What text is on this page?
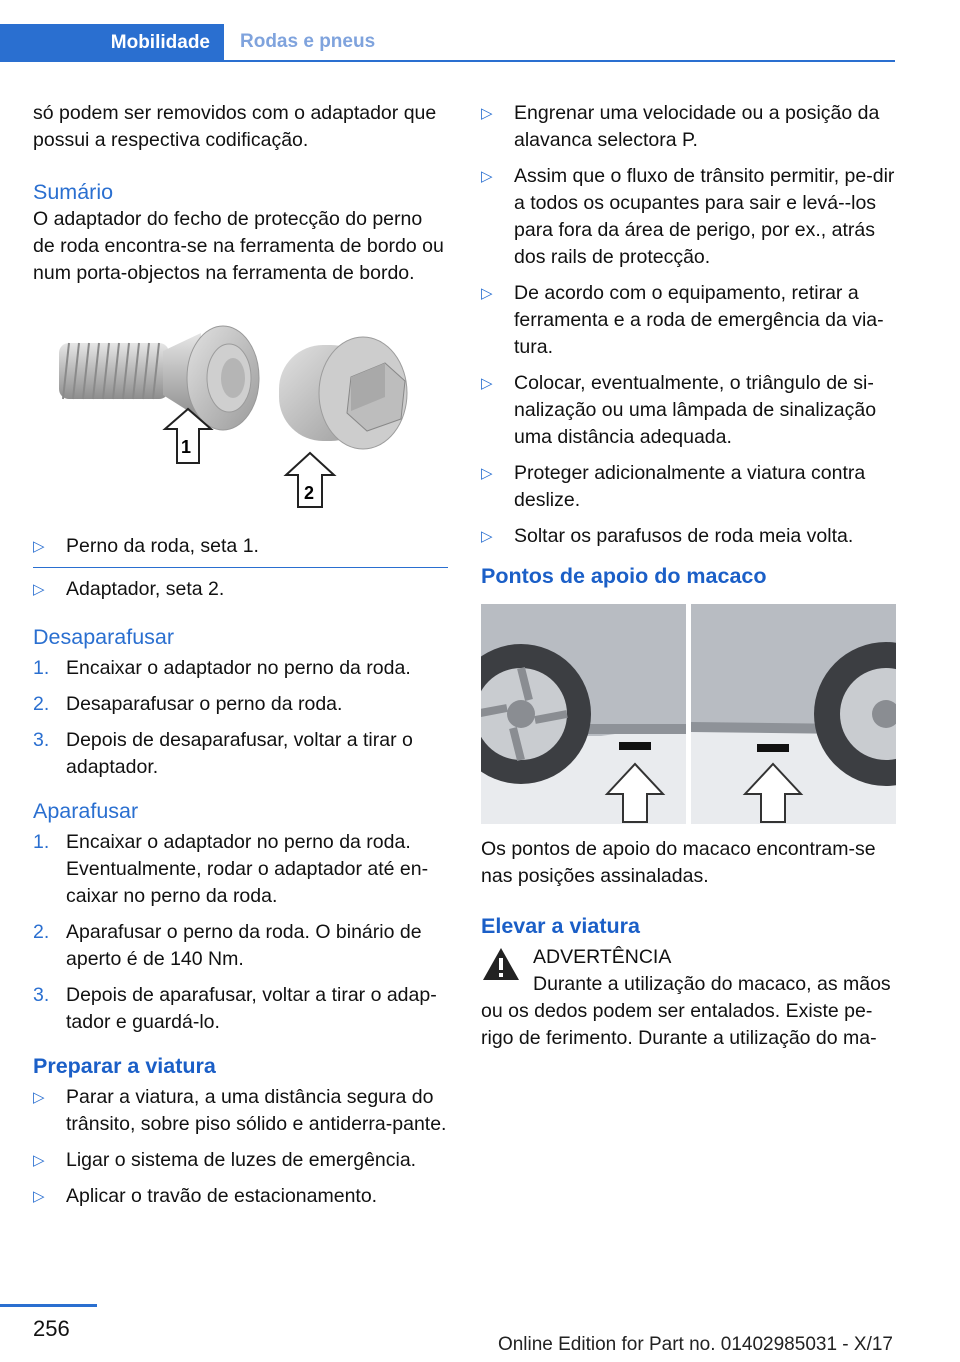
Mobilidade Rodas e pneus

só podem ser removidos com o adaptador que possui a respectiva codificação.

Sumário

O adaptador do fecho de protecção do perno de roda encontra-se na ferramenta de bordo ou num porta-objectos na ferramenta de bordo.

1
2
▷ Perno da roda, seta 1.
▷ Adaptador, seta 2.
Desaparafusar
1. Encaixar o adaptador no perno da roda.
2. Desaparafusar o perno da roda.
3. Depois de desaparafusar, voltar a tirar o adaptador.
Aparafusar
1. Encaixar o adaptador no perno da roda. Eventualmente, rodar o adaptador até en-caixar no perno da roda.
2. Aparafusar o perno da roda. O binário de aperto é de 140 Nm.
3. Depois de aparafusar, voltar a tirar o adap-tador e guardá-lo.
Preparar a viatura
▷ Parar a viatura, a uma distância segura do trânsito, sobre piso sólido e antiderra-pante.
▷ Ligar o sistema de luzes de emergência.
▷ Aplicar o travão de estacionamento.
▷ Engrenar uma velocidade ou a posição da alavanca selectora P.
▷ Assim que o fluxo de trânsito permitir, pe-dir a todos os ocupantes para sair e levá--los para fora da área de perigo, por ex., atrás dos rails de protecção.
▷ De acordo com o equipamento, retirar a ferramenta e a roda de emergência da via-tura.
▷ Colocar, eventualmente, o triângulo de si-nalização ou uma lâmpada de sinalização uma distância adequada.
▷ Proteger adicionalmente a viatura contra deslize.
▷ Soltar os parafusos de roda meia volta.
Pontos de apoio do macaco

Os pontos de apoio do macaco encontram-se nas posições assinaladas.

Elevar a viatura

ADVERTÊNCIA

Durante a utilização do macaco, as mãos ou os dedos podem ser entalados. Existe pe-rigo de ferimento. Durante a utilização do ma-

256
Online Edition for Part no. 01402985031 - X/17
